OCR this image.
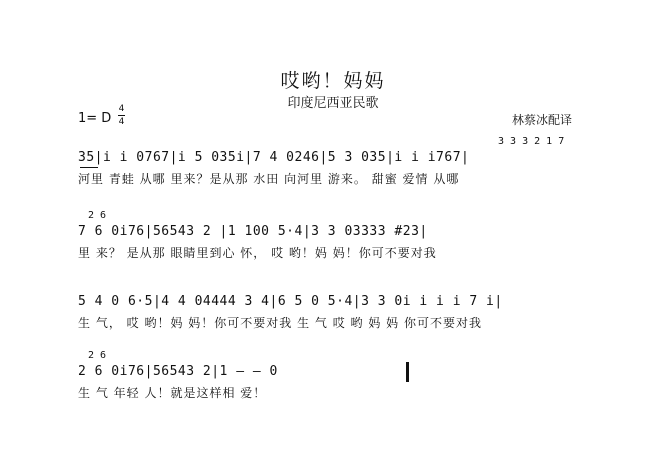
哎哟！妈妈
印度尼西亚民歌
1= D
4
4	林蔡冰配译
3 3 3 2 1 7
35|i i 0767|i 5 035i|7 4 0246|5 3 035|i i i767|
河里 青蛙 从哪 里来？是从那 水田 向河里 游来。 甜蜜 爱情 从哪
2 6
7 6 0i76|56543 2 |1 100 5·4|3 3 03333 #23|
里 来？ 是从那 眼睛里到心 怀， 哎 哟！妈 妈！你可不要对我
5 4 0 6·5|4 4 04444 3 4|6 5 0 5·4|3 3 0i i i i 7 i|
生 气， 哎 哟！妈 妈！你可不要对我 生 气 哎 哟 妈 妈 你可不要对我
2 6
2 6 0i76|56543 2|1 – – 0
生 气 年轻 人！就是这样相 爱！
